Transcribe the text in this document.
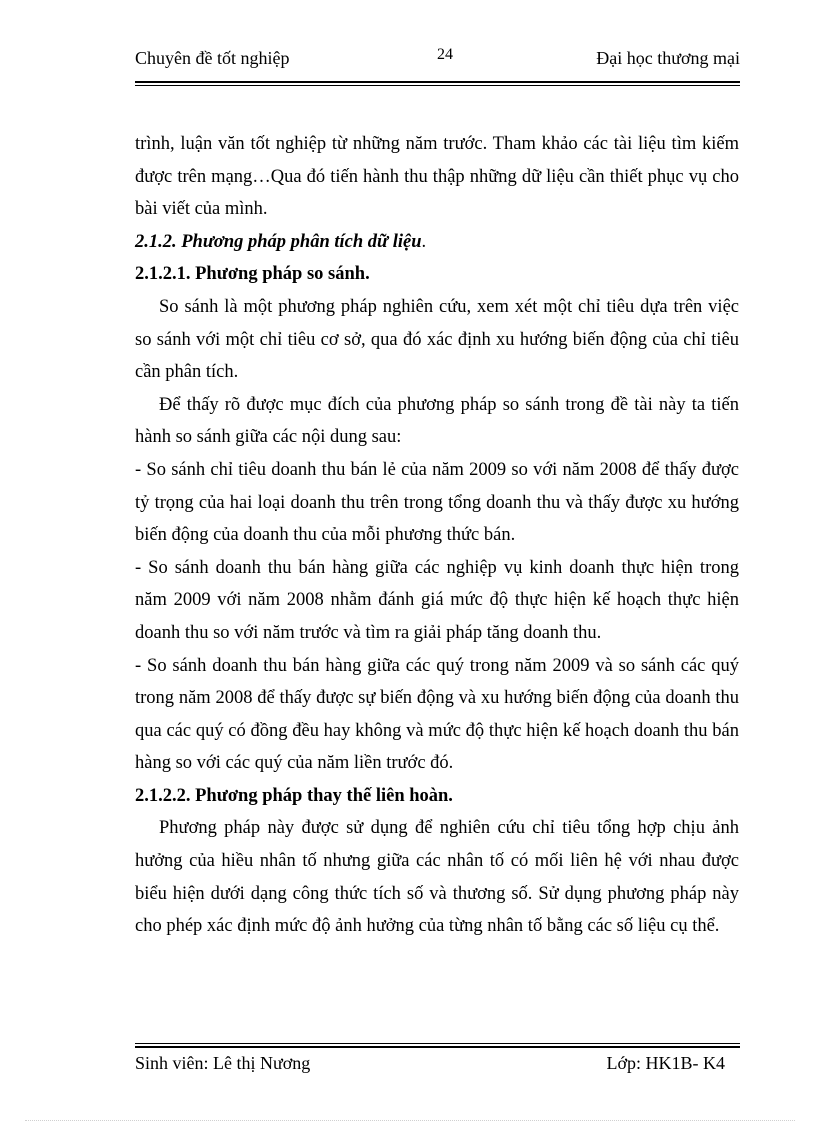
Chuyên đề tốt nghiệp	24	Đại học thương mại

trình, luận văn tốt nghiệp từ những năm trước. Tham khảo các tài liệu tìm kiếm được trên mạng…Qua đó tiến hành thu thập những dữ liệu cần thiết phục vụ cho bài viết của mình.

2.1.2. Phương pháp phân tích dữ liệu.

2.1.2.1. Phương pháp so sánh.

So sánh là một phương pháp nghiên cứu, xem xét một chỉ tiêu dựa trên việc so sánh với một chỉ tiêu cơ sở, qua đó xác định xu hướng biến động của chỉ tiêu cần phân tích.

Để thấy rõ được mục đích của phương pháp so sánh trong đề tài này ta tiến hành so sánh giữa các nội dung sau:

- So sánh chỉ tiêu doanh thu bán lẻ của năm 2009 so với năm 2008 để thấy được tỷ trọng của hai loại doanh thu trên trong tổng doanh thu và thấy được xu hướng biến động của doanh thu của mỗi phương thức bán.

- So sánh doanh thu bán hàng giữa các nghiệp vụ kinh doanh thực hiện trong năm 2009 với năm 2008 nhằm đánh giá mức độ thực hiện kế hoạch thực hiện doanh thu so với năm trước và tìm ra giải pháp tăng doanh thu.

- So sánh doanh thu bán hàng giữa các quý trong năm 2009 và so sánh các quý trong năm 2008 để thấy được sự biến động và xu hướng biến động của doanh thu qua các quý có đồng đều hay không và mức độ thực hiện kế hoạch doanh thu bán hàng so với các quý của năm liền trước đó.

2.1.2.2. Phương pháp thay thế liên hoàn.

Phương pháp này được sử dụng để nghiên cứu chỉ tiêu tổng hợp chịu ảnh hưởng của hiều nhân tố nhưng giữa các nhân tố có mối liên hệ với nhau được biểu hiện dưới dạng công thức tích số và thương số. Sử dụng phương pháp này cho phép xác định mức độ ảnh hưởng của từng nhân tố bằng các số liệu cụ thể.

Sinh viên: Lê thị Nương	Lớp: HK1B- K4
